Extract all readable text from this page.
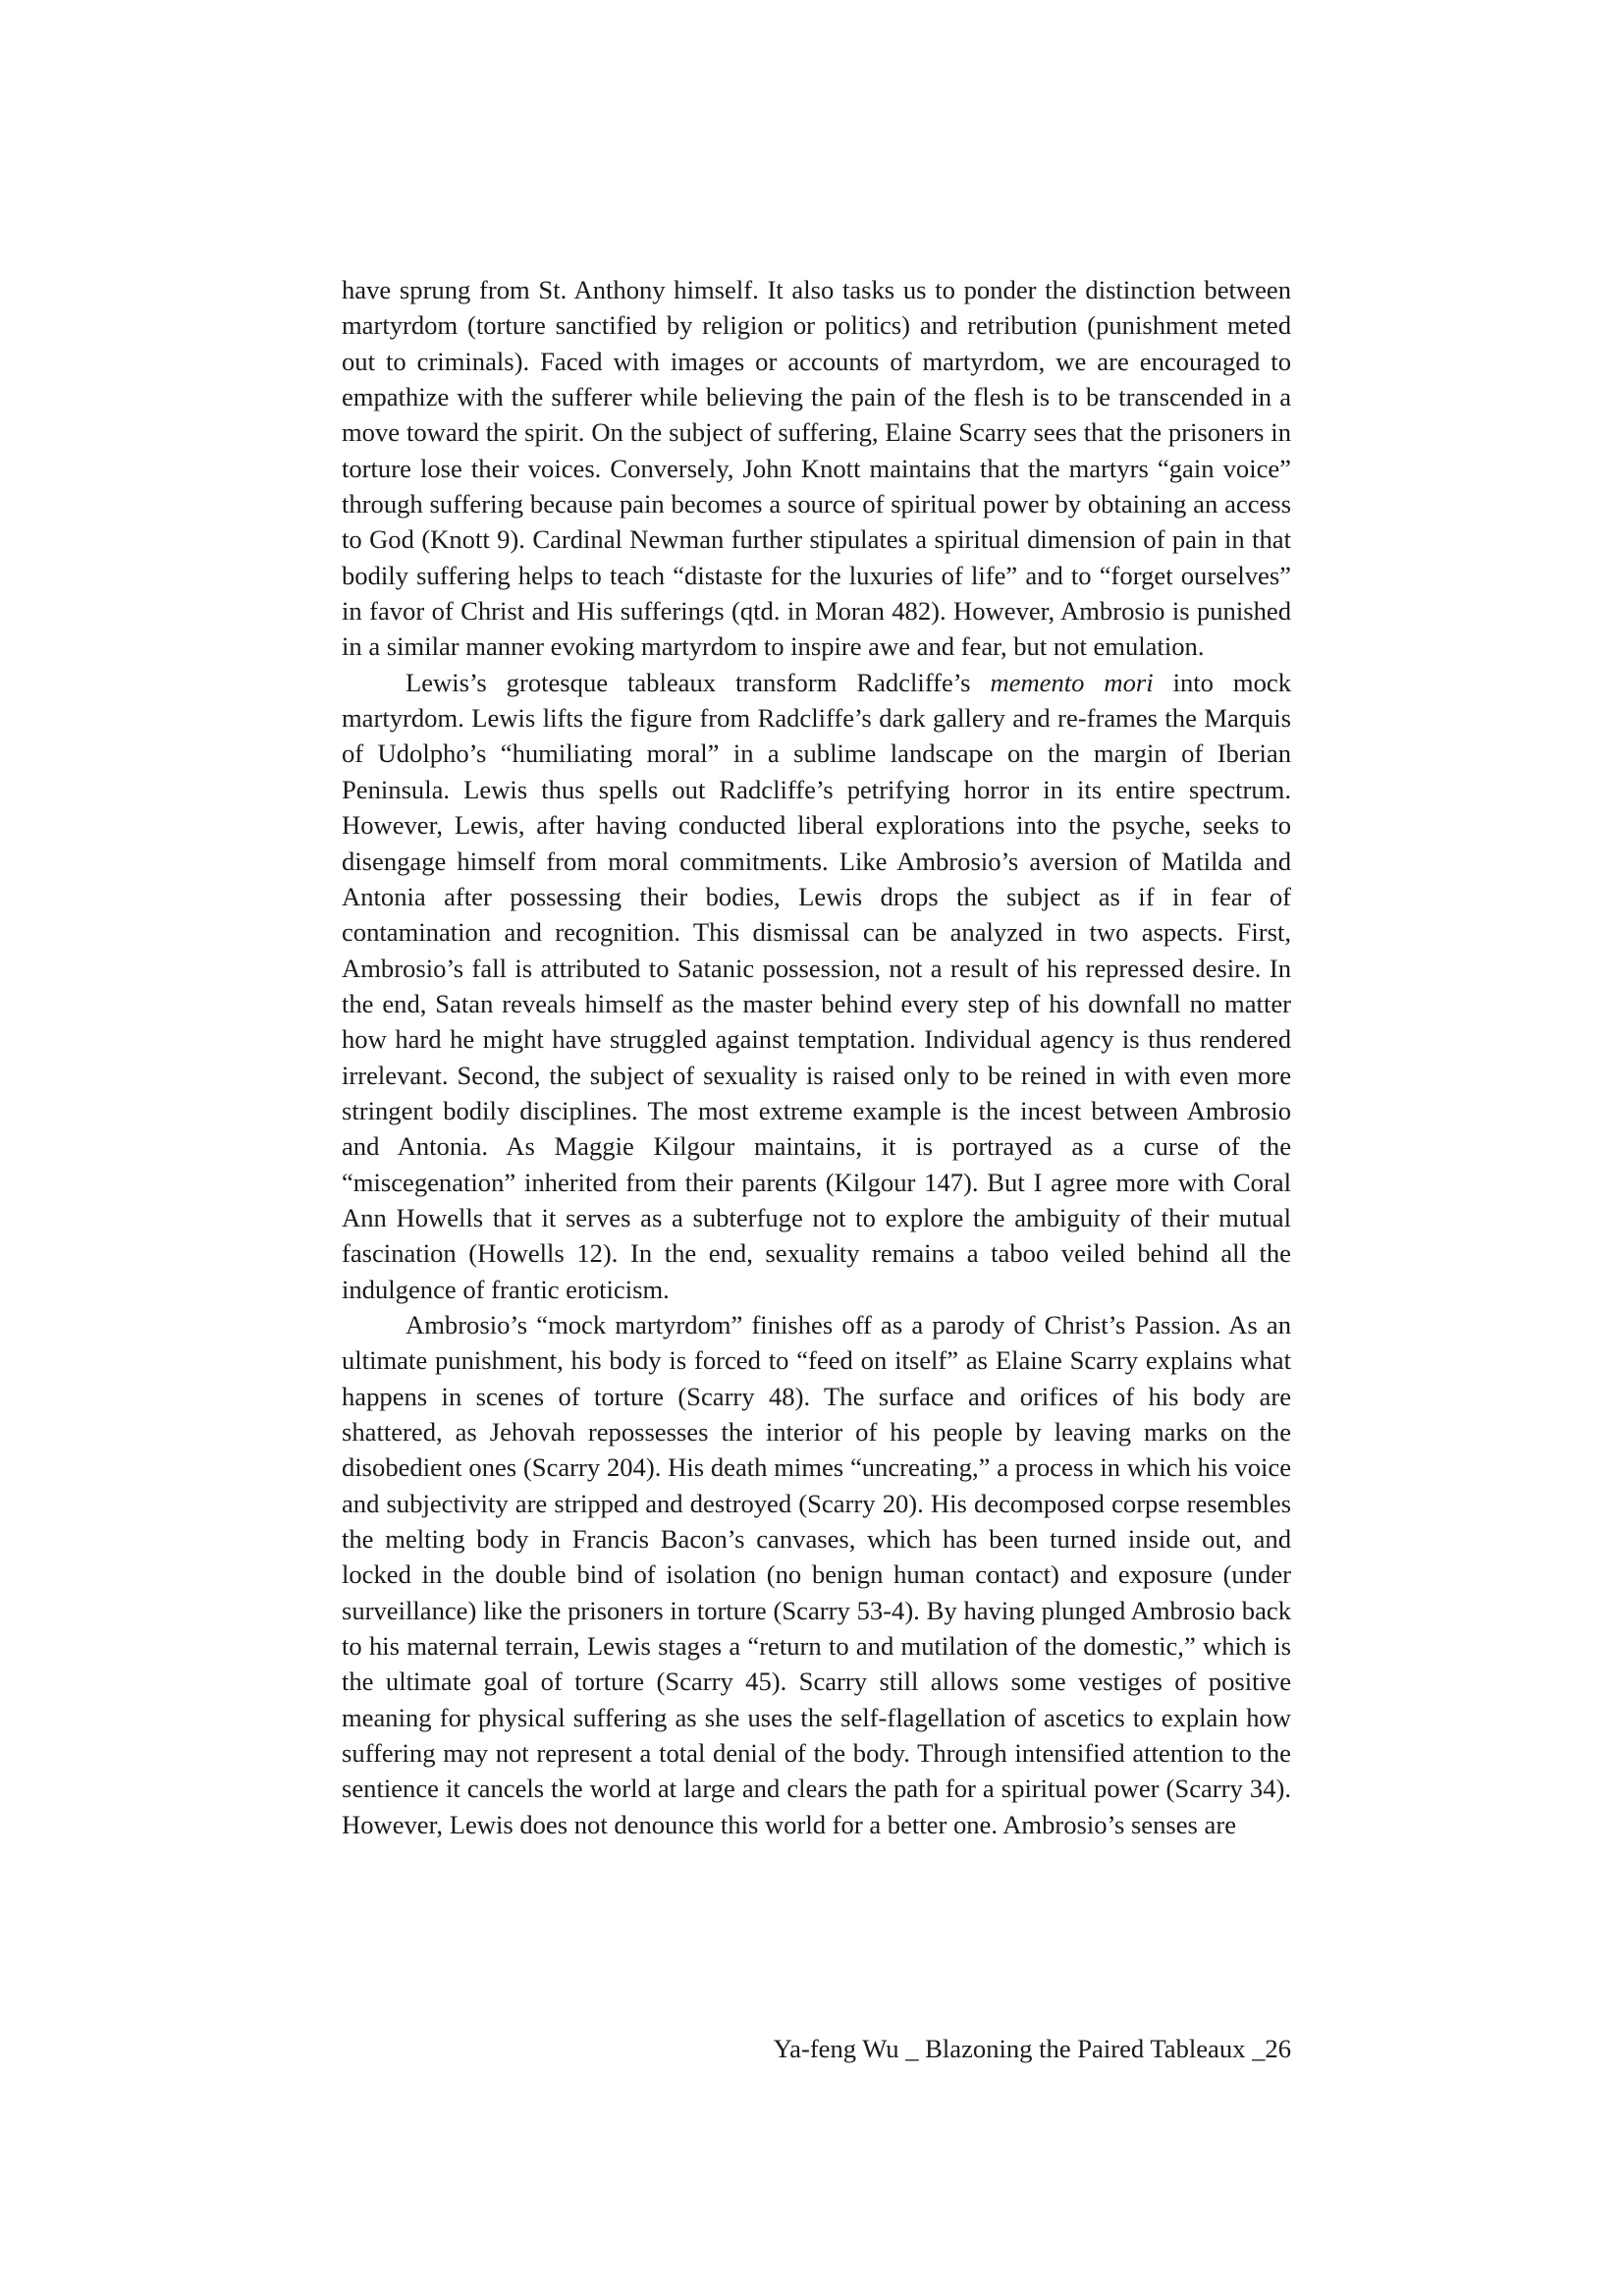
have sprung from St. Anthony himself. It also tasks us to ponder the distinction between martyrdom (torture sanctified by religion or politics) and retribution (punishment meted out to criminals). Faced with images or accounts of martyrdom, we are encouraged to empathize with the sufferer while believing the pain of the flesh is to be transcended in a move toward the spirit. On the subject of suffering, Elaine Scarry sees that the prisoners in torture lose their voices. Conversely, John Knott maintains that the martyrs “gain voice” through suffering because pain becomes a source of spiritual power by obtaining an access to God (Knott 9). Cardinal Newman further stipulates a spiritual dimension of pain in that bodily suffering helps to teach “distaste for the luxuries of life” and to “forget ourselves” in favor of Christ and His sufferings (qtd. in Moran 482). However, Ambrosio is punished in a similar manner evoking martyrdom to inspire awe and fear, but not emulation.

Lewis’s grotesque tableaux transform Radcliffe’s memento mori into mock martyrdom. Lewis lifts the figure from Radcliffe’s dark gallery and re-frames the Marquis of Udolpho’s “humiliating moral” in a sublime landscape on the margin of Iberian Peninsula. Lewis thus spells out Radcliffe’s petrifying horror in its entire spectrum. However, Lewis, after having conducted liberal explorations into the psyche, seeks to disengage himself from moral commitments. Like Ambrosio’s aversion of Matilda and Antonia after possessing their bodies, Lewis drops the subject as if in fear of contamination and recognition. This dismissal can be analyzed in two aspects. First, Ambrosio’s fall is attributed to Satanic possession, not a result of his repressed desire. In the end, Satan reveals himself as the master behind every step of his downfall no matter how hard he might have struggled against temptation. Individual agency is thus rendered irrelevant. Second, the subject of sexuality is raised only to be reined in with even more stringent bodily disciplines. The most extreme example is the incest between Ambrosio and Antonia. As Maggie Kilgour maintains, it is portrayed as a curse of the “miscegenation” inherited from their parents (Kilgour 147). But I agree more with Coral Ann Howells that it serves as a subterfuge not to explore the ambiguity of their mutual fascination (Howells 12). In the end, sexuality remains a taboo veiled behind all the indulgence of frantic eroticism.

Ambrosio’s “mock martyrdom” finishes off as a parody of Christ’s Passion. As an ultimate punishment, his body is forced to “feed on itself” as Elaine Scarry explains what happens in scenes of torture (Scarry 48). The surface and orifices of his body are shattered, as Jehovah repossesses the interior of his people by leaving marks on the disobedient ones (Scarry 204). His death mimes “uncreating,” a process in which his voice and subjectivity are stripped and destroyed (Scarry 20). His decomposed corpse resembles the melting body in Francis Bacon’s canvases, which has been turned inside out, and locked in the double bind of isolation (no benign human contact) and exposure (under surveillance) like the prisoners in torture (Scarry 53-4). By having plunged Ambrosio back to his maternal terrain, Lewis stages a “return to and mutilation of the domestic,” which is the ultimate goal of torture (Scarry 45). Scarry still allows some vestiges of positive meaning for physical suffering as she uses the self-flagellation of ascetics to explain how suffering may not represent a total denial of the body. Through intensified attention to the sentience it cancels the world at large and clears the path for a spiritual power (Scarry 34). However, Lewis does not denounce this world for a better one. Ambrosio’s senses are

Ya-feng Wu _ Blazoning the Paired Tableaux _26
